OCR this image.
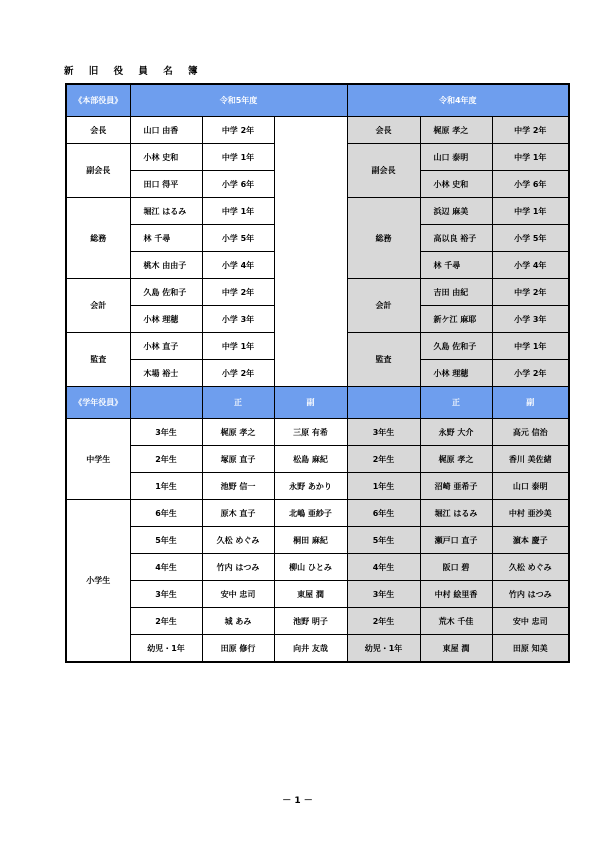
新 旧 役 員 名 簿
《本部役員》	令和5年度			令和4年度		
会長	山口 由香	中学 2年		会長	梶原 孝之	中学 2年
副会長	小林 史和	中学 1年		副会長	山口 泰明	中学 1年
	田口 得平	小学 6年			小林 史和	小学 6年
総務	堀江 はるみ	中学 1年		総務	浜辺 麻美	中学 1年
	林 千尋	小学 5年			高以良 裕子	小学 5年
	桃木 由由子	小学 4年			林 千尋	小学 4年
会計	久島 佐和子	中学 2年		会計	吉田 由紀	中学 2年
	小林 理穂	小学 3年			新ケ江 麻耶	小学 3年
監査	小林 直子	中学 1年		監査	久島 佐和子	中学 1年
	木場 裕士	小学 2年			小林 理穂	小学 2年
《学年役員》		正	副		正	副
中学生	3年生	梶原 孝之	三原 有希	3年生	永野 大介	高元 信治
	2年生	塚原 直子	松島 麻紀	2年生	梶原 孝之	香川 美佐緒
	1年生	池野 信一	永野 あかり	1年生	沼崎 亜希子	山口 泰明
小学生	6年生	原木 直子	北嶋 亜紗子	6年生	堀江 はるみ	中村 亜沙美
	5年生	久松 めぐみ	桐田 麻紀	5年生	瀬戸口 直子	濵本 慶子
	4年生	竹内 はつみ	柳山 ひとみ	4年生	阪口 碧	久松 めぐみ
	3年生	安中 忠司	東屋 潤	3年生	中村 絵里香	竹内 はつみ
	2年生	城 あみ	池野 明子	2年生	荒木 千佳	安中 忠司
	幼児・1年	田原 修行	向井 友哉	幼児・1年	東屋 潤	田原 知美
－ 1 －
